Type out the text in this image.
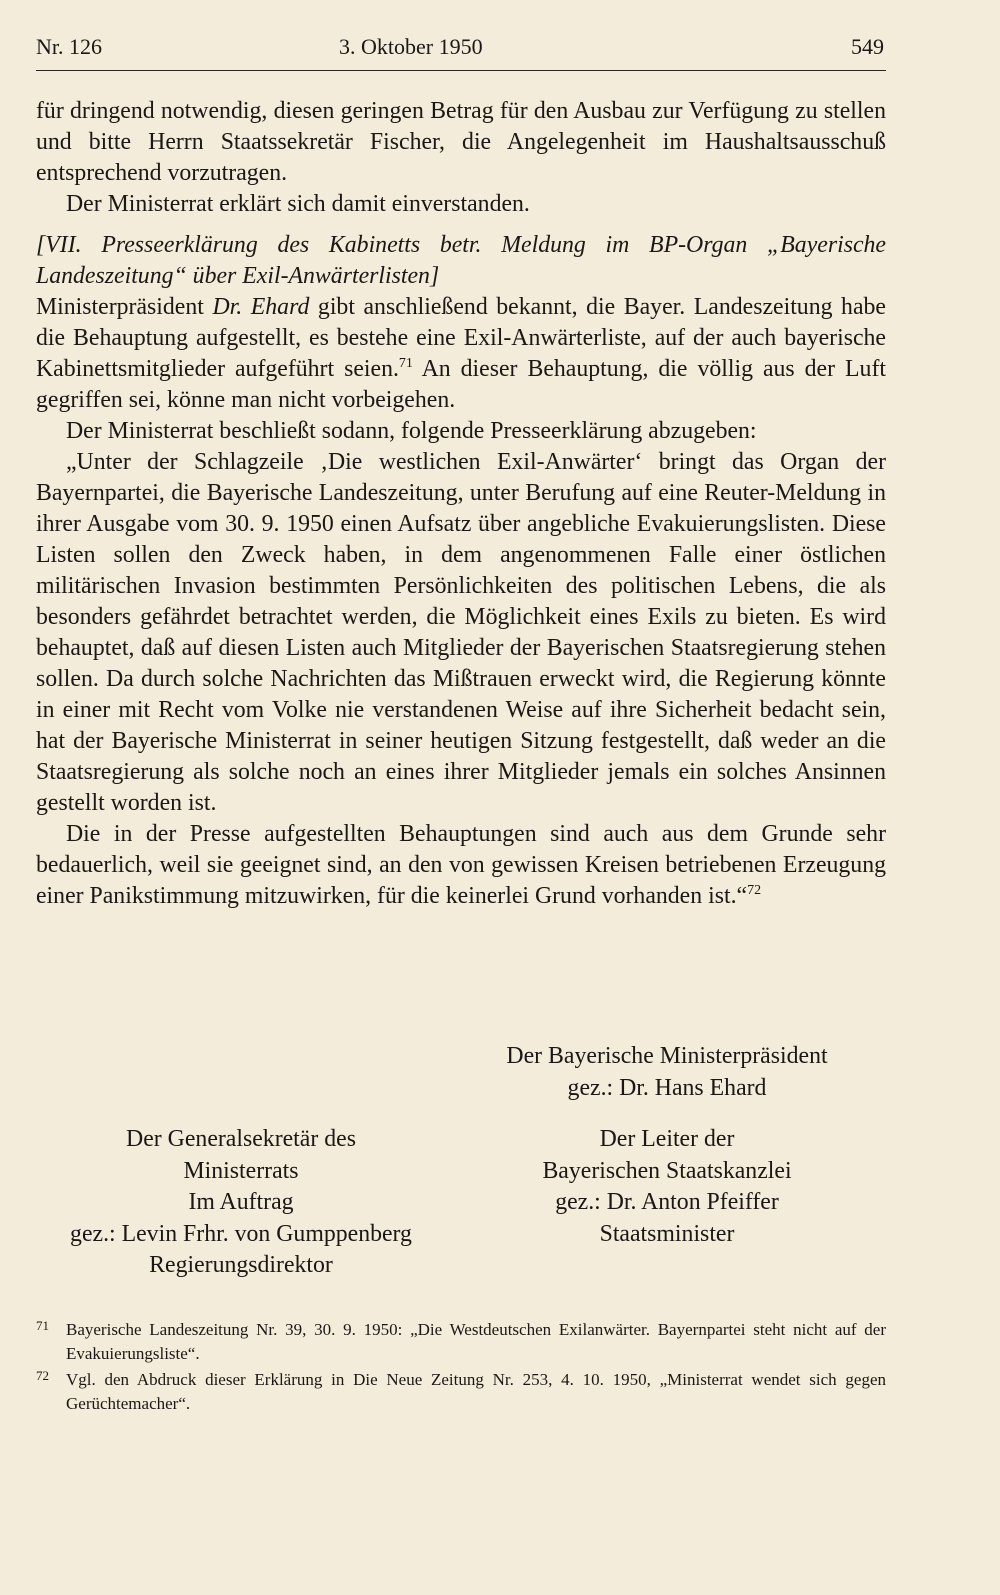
Nr. 126	3. Oktober 1950	549

für dringend notwendig, diesen geringen Betrag für den Ausbau zur Verfügung zu stellen und bitte Herrn Staatssekretär Fischer, die Angelegenheit im Haushaltsausschuß entsprechend vorzutragen.

Der Ministerrat erklärt sich damit einverstanden.

[VII. Presseerklärung des Kabinetts betr. Meldung im BP-Organ „Bayerische Landeszeitung“ über Exil-Anwärterlisten]

Ministerpräsident Dr. Ehard gibt anschließend bekannt, die Bayer. Landeszeitung habe die Behauptung aufgestellt, es bestehe eine Exil-Anwärterliste, auf der auch bayerische Kabinettsmitglieder aufgeführt seien.$^{71}$ An dieser Behauptung, die völlig aus der Luft gegriffen sei, könne man nicht vorbeigehen.

Der Ministerrat beschließt sodann, folgende Presseerklärung abzugeben:

„Unter der Schlagzeile ‚Die westlichen Exil-Anwärter‘ bringt das Organ der Bayernpartei, die Bayerische Landeszeitung, unter Berufung auf eine Reuter-Meldung in ihrer Ausgabe vom 30. 9. 1950 einen Aufsatz über angebliche Evakuierungslisten. Diese Listen sollen den Zweck haben, in dem angenommenen Falle einer östlichen militärischen Invasion bestimmten Persönlichkeiten des politischen Lebens, die als besonders gefährdet betrachtet werden, die Möglichkeit eines Exils zu bieten. Es wird behauptet, daß auf diesen Listen auch Mitglieder der Bayerischen Staatsregierung stehen sollen. Da durch solche Nachrichten das Mißtrauen erweckt wird, die Regierung könnte in einer mit Recht vom Volke nie verstandenen Weise auf ihre Sicherheit bedacht sein, hat der Bayerische Ministerrat in seiner heutigen Sitzung festgestellt, daß weder an die Staatsregierung als solche noch an eines ihrer Mitglieder jemals ein solches Ansinnen gestellt worden ist.

Die in der Presse aufgestellten Behauptungen sind auch aus dem Grunde sehr bedauerlich, weil sie geeignet sind, an den von gewissen Kreisen betriebenen Erzeugung einer Panikstimmung mitzuwirken, für die keinerlei Grund vorhanden ist.“$^{72}$

Der Bayerische Ministerpräsident
gez.: Dr. Hans Ehard
Der Generalsekretär des
Ministerrats
Im Auftrag
gez.: Levin Frhr. von Gumppenberg
Regierungsdirektor
Der Leiter der
Bayerischen Staatskanzlei
gez.: Dr. Anton Pfeiffer
Staatsminister
71 Bayerische Landeszeitung Nr. 39, 30. 9. 1950: „Die Westdeutschen Exilanwärter. Bayernpartei steht nicht auf der Evakuierungsliste“.
72 Vgl. den Abdruck dieser Erklärung in Die Neue Zeitung Nr. 253, 4. 10. 1950, „Ministerrat wendet sich gegen Gerüchtemacher“.
